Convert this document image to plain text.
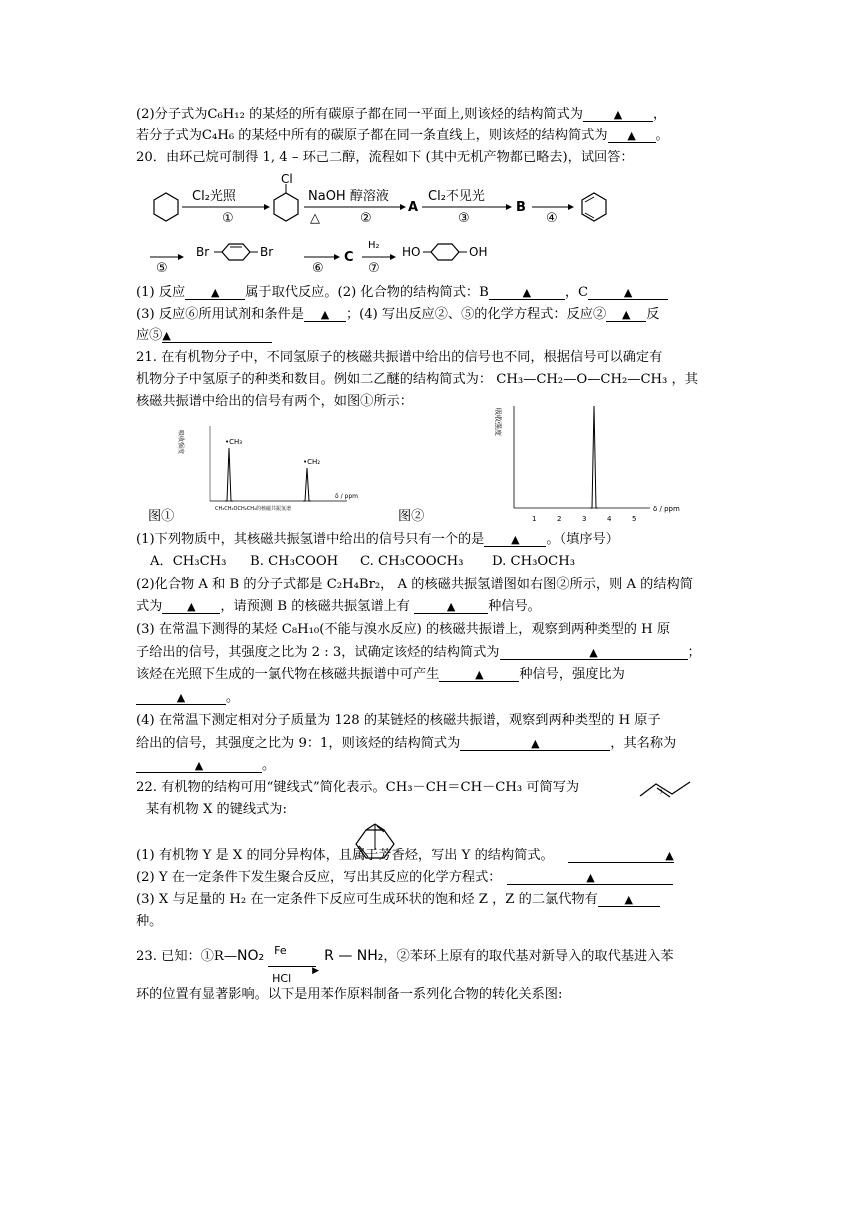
(2)分子式为C₆H₁₂ 的某烃的所有碳原子都在同一平面上,则该烃的结构简式为	▲ ，
若分子式为C₄H₆ 的某烃中所有的碳原子都在同一条直线上，则该烃的结构简式为 ▲ 。
20．由环己烷可制得 1, 4 – 环己二醇，流程如下 (其中无机产物都已略去)，试回答：
Cl₂光照
①
Cl
NaOH 醇溶液
△	②
A
Cl₂不见光
③
B
④
⑤
Br	Br
⑥
C
H₂
⑦
HO	OH
(1) 反应 ▲ 属于取代反应。(2) 化合物的结构简式：B	▲	，C	▲
(3) 反应⑥所用试剂和条件是 ▲ ；(4) 写出反应②、⑤的化学方程式：反应② ▲ 反
应⑤▲
21. 在有机物分子中，不同氢原子的核磁共振谱中给出的信号也不同，根据信号可以确定有
机物分子中氢原子的种类和数目。例如二乙醚的结构简式为： CH₃—CH₂—O—CH₂—CH₃ ，其
核磁共振谱中给出的信号有两个，如图①所示：
吸收强度	•CH₃
•CH₂
δ / ppm
CH₃CH₂OCH₂CH₃的核磁共振氢谱
图①
吸收强度
δ / ppm
1	2	3	4	5
图②
(1)下列物质中，其核磁共振氢谱中给出的信号只有一个的是 ▲ 。（填序号）
A．CH₃CH₃ B. CH₃COOH C. CH₃COOCH₃ D. CH₃OCH₃
(2)化合物 A 和 B 的分子式都是 C₂H₄Br₂， A 的核磁共振氢谱图如右图②所示，则 A 的结构简
式为 ▲ ，请预测 B 的核磁共振氢谱上有	▲ 种信号。
(3) 在常温下测得的某烃 C₈H₁₀(不能与溴水反应) 的核磁共振谱上，观察到两种类型的 H 原
子给出的信号，其强度之比为 2 : 3，试确定该烃的结构简式为	▲	；
该烃在光照下生成的一氯代物在核磁共振谱中可产生	▲	种信号，强度比为
▲	。
(4) 在常温下测定相对分子质量为 128 的某链烃的核磁共振谱，观察到两种类型的 H 原子
给出的信号，其强度之比为 9：1，则该烃的结构简式为	▲	，其名称为
▲	。
22. 有机物的结构可用“键线式”简化表示。CH₃－CH＝CH－CH₃ 可简写为	，
某有机物 X 的键线式为:
(1) 有机物 Y 是 X 的同分异构体，且属于芳香烃，写出 Y 的结构简式。	▲
(2) Y 在一定条件下发生聚合反应，写出其反应的化学方程式：	▲
(3) X 与足量的 H₂ 在一定条件下反应可生成环状的饱和烃 Z ，Z 的二氯代物有 ▲
种。
23. 已知：①R—NO₂ Fe
▶
HCl
R — NH₂，②苯环上原有的取代基对新导入的取代基进入苯
环的位置有显著影响。以下是用苯作原料制备一系列化合物的转化关系图:
